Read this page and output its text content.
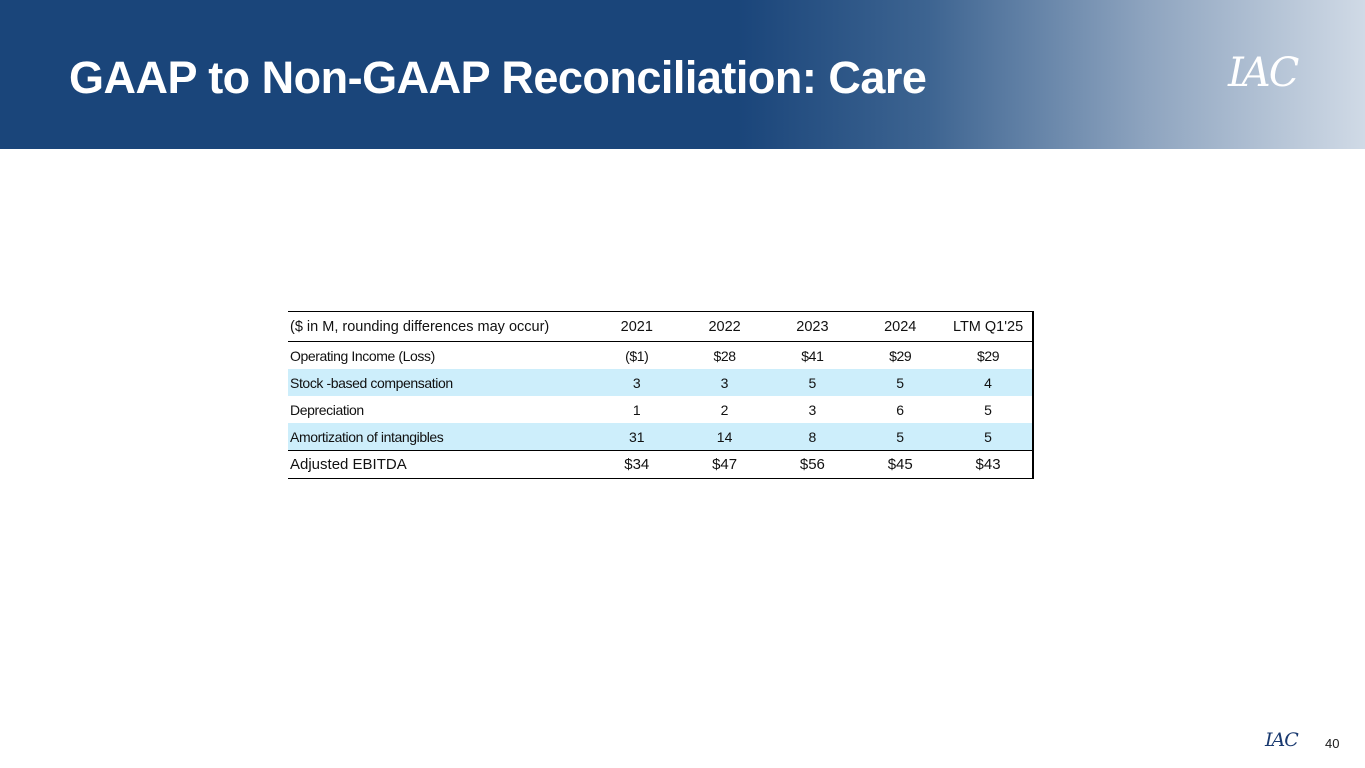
GAAP to Non-GAAP Reconciliation: Care	IAC
($ in M, rounding differences may occur)	2021	2022	2023	2024	LTM Q1'25
Operating Income (Loss)	($1)	$28	$41	$29	$29
Stock -based compensation	3	3	5	5	4
Depreciation	1	2	3	6	5
Amortization of intangibles	31	14	8	5	5
Adjusted EBITDA	$34	$47	$56	$45	$43
IAC 40
